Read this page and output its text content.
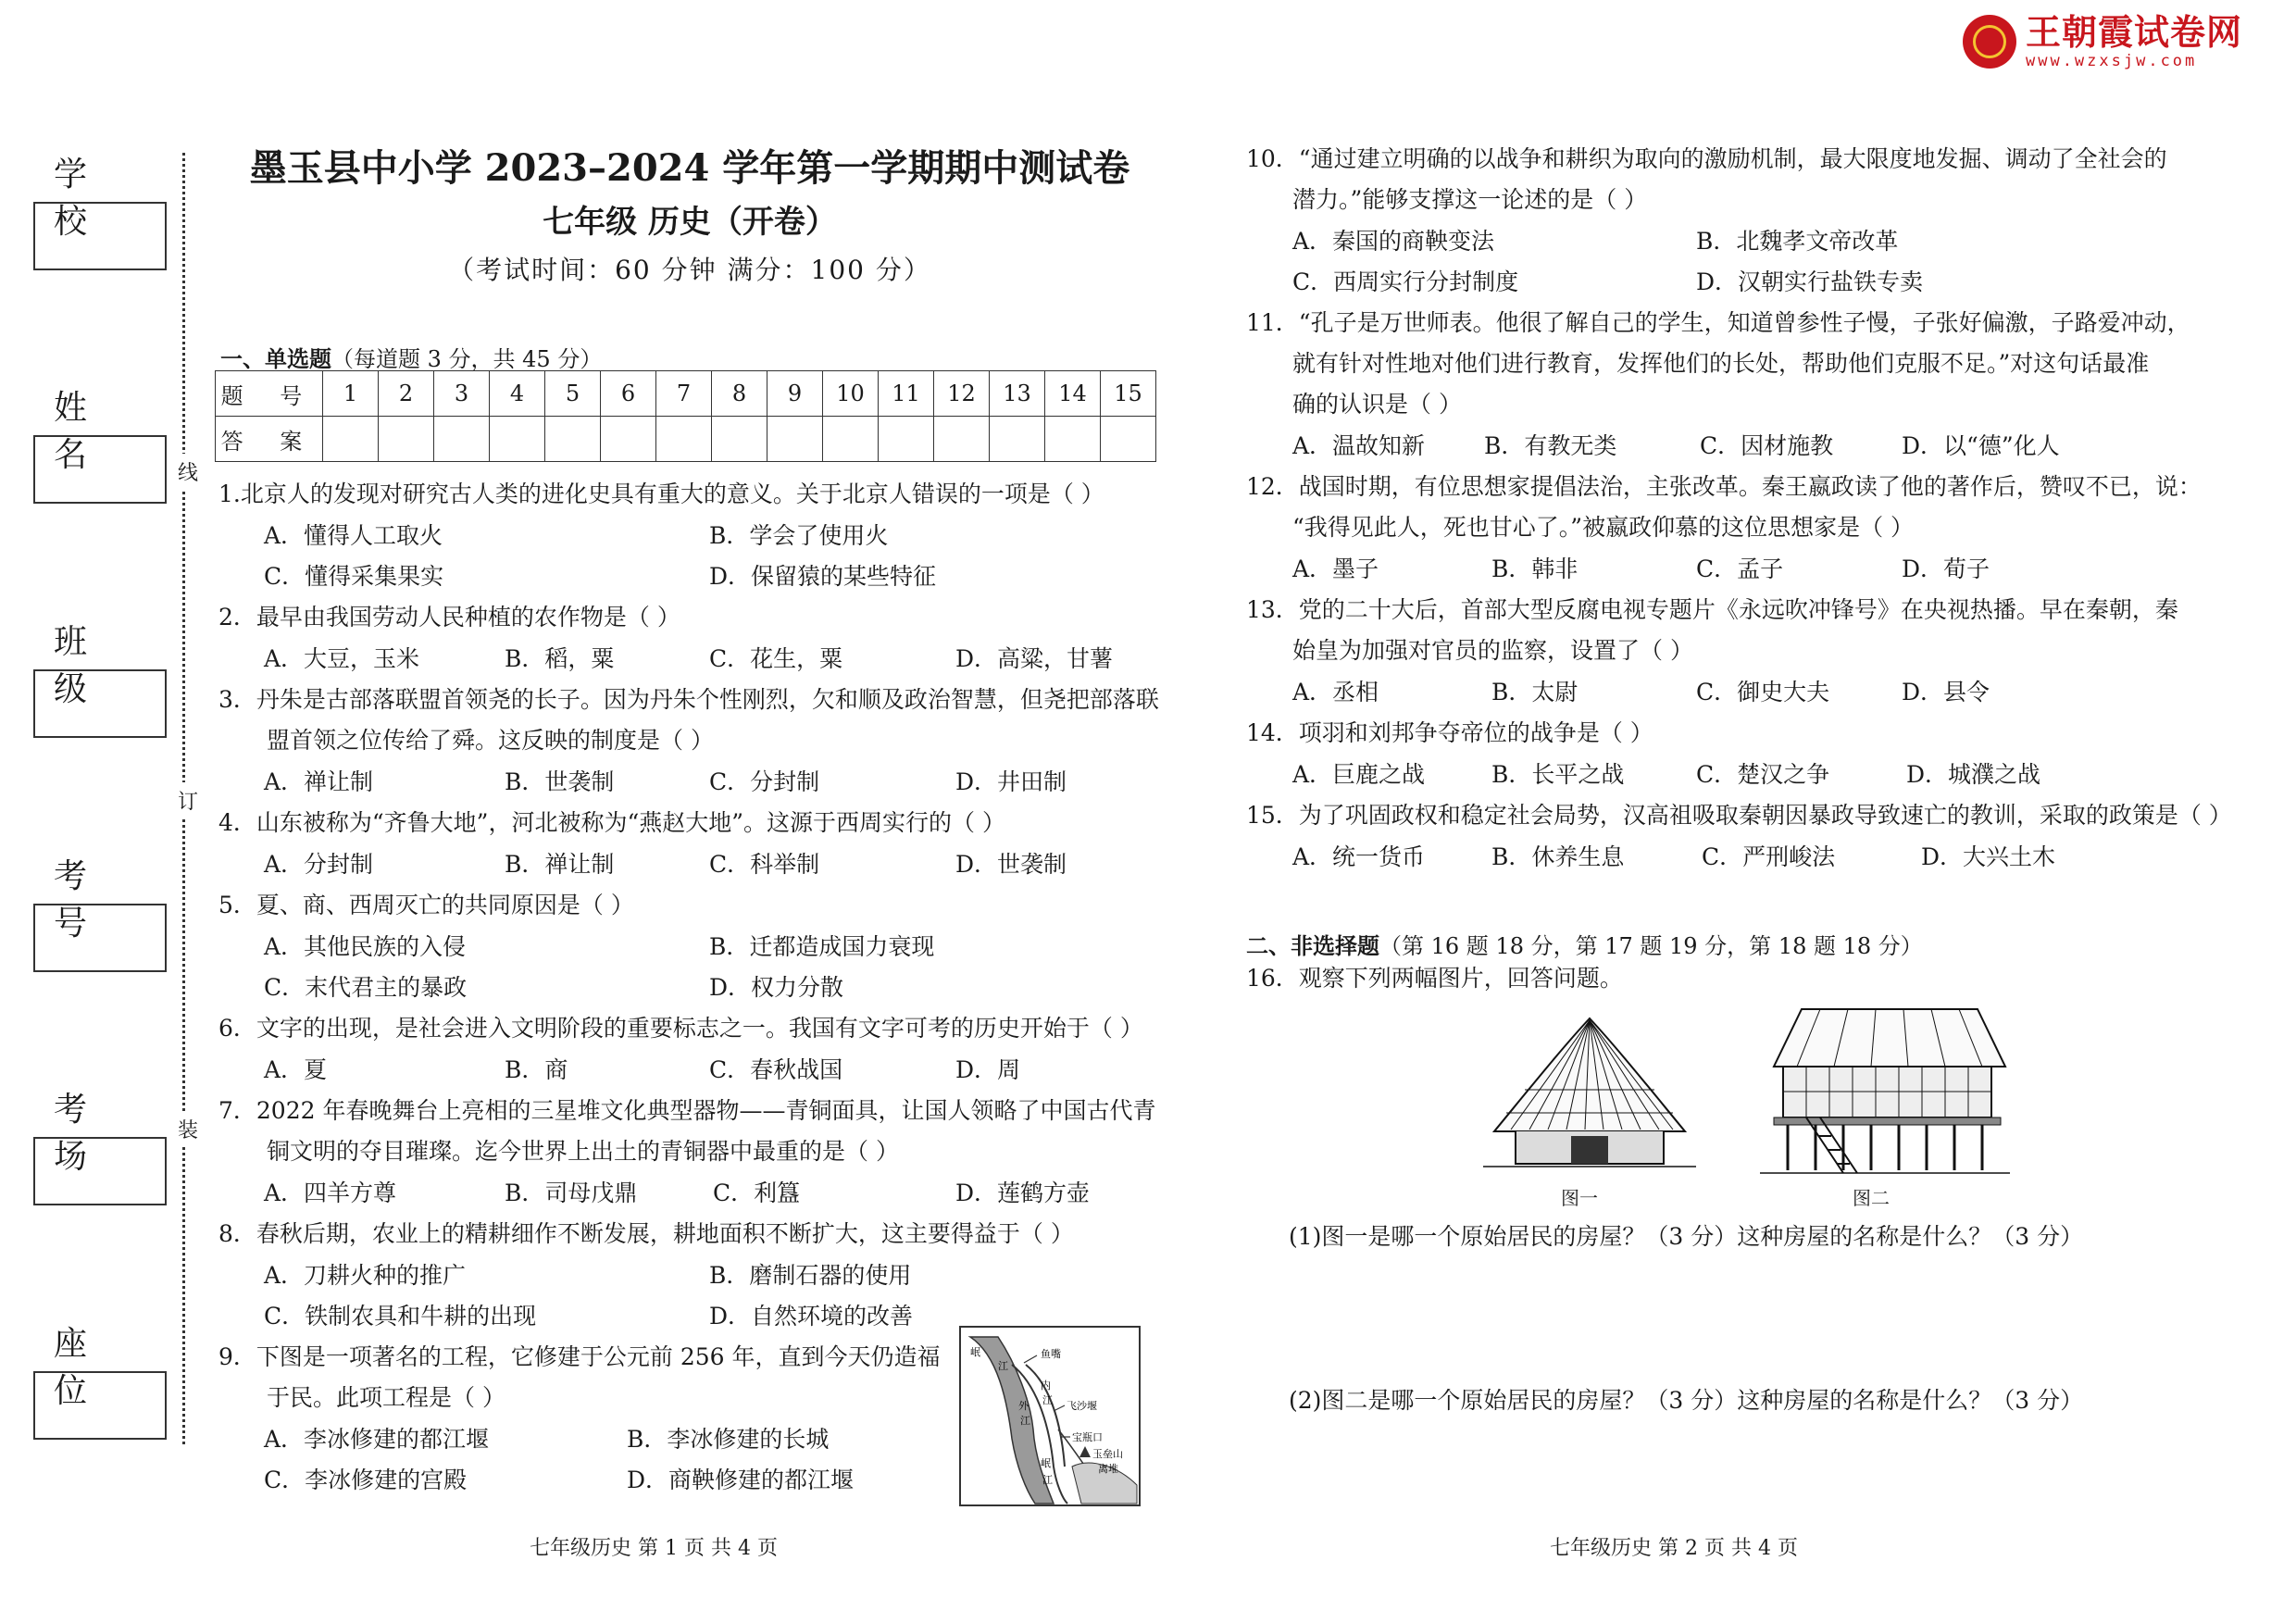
王朝霞试卷网
www.wzxsjw.com
学 校
姓 名
班 级
考 号
考 场
座 位
线
订
装
墨玉县中小学 2023–2024 学年第一学期期中测试卷
七年级 历史（开卷）
（考试时间：60 分钟 满分：100 分）
一、单选题（每道题 3 分，共 45 分）
题 号	1	2	3	4	5	6	7	8	9	10	11	12	13	14	15
答 案															
1.北京人的发现对研究古人类的进化史具有重大的意义。关于北京人错误的一项是（ ）
A．懂得人工取火	B．学会了使用火
C．懂得采集果实	D．保留猿的某些特征
2．最早由我国劳动人民种植的农作物是（ ）
A．大豆，玉米	B．稻，粟	C．花生，粟	D．高粱，甘薯
3．丹朱是古部落联盟首领尧的长子。因为丹朱个性刚烈，欠和顺及政治智慧，但尧把部落联
盟首领之位传给了舜。这反映的制度是（ ）
A．禅让制	B．世袭制	C．分封制	D．井田制
4．山东被称为“齐鲁大地”，河北被称为“燕赵大地”。这源于西周实行的（ ）
A．分封制	B．禅让制	C．科举制	D．世袭制
5．夏、商、西周灭亡的共同原因是（ ）
A．其他民族的入侵	B．迁都造成国力衰现
C．末代君主的暴政	D．权力分散
6．文字的出现，是社会进入文明阶段的重要标志之一。我国有文字可考的历史开始于（ ）
A．夏	B．商	C．春秋战国	D．周
7．2022 年春晚舞台上亮相的三星堆文化典型器物——青铜面具，让国人领略了中国古代青
铜文明的夺目璀璨。迄今世界上出土的青铜器中最重的是（ ）
A．四羊方尊	B．司母戊鼎	C．利簋	D．莲鹤方壶
8．春秋后期，农业上的精耕细作不断发展，耕地面积不断扩大，这主要得益于（ ）
A．刀耕火种的推广	B．磨制石器的使用
C．铁制农具和牛耕的出现	D．自然环境的改善
9．下图是一项著名的工程，它修建于公元前 256 年，直到今天仍造福
于民。此项工程是（ ）
A．李冰修建的都江堰	B．李冰修建的长城
C．李冰修建的宫殿	D．商鞅修建的都江堰
岷
江
鱼嘴
内
江
外
江
飞沙堰
宝瓶口
玉垒山
离堆
岷
江
七年级历史 第 1 页 共 4 页
10．“通过建立明确的以战争和耕织为取向的激励机制，最大限度地发掘、调动了全社会的
潜力。”能够支撑这一论述的是（ ）
A．秦国的商鞅变法	B．北魏孝文帝改革
C．西周实行分封制度	D．汉朝实行盐铁专卖
11．“孔子是万世师表。他很了解自己的学生，知道曾参性子慢，子张好偏激，子路爱冲动，
就有针对性地对他们进行教育，发挥他们的长处，帮助他们克服不足。”对这句话最准
确的认识是（ ）
A．温故知新	B．有教无类	C．因材施教	D．以“德”化人
12．战国时期，有位思想家提倡法治，主张改革。秦王嬴政读了他的著作后，赞叹不已，说：
“我得见此人，死也甘心了。”被嬴政仰慕的这位思想家是（ ）
A．墨子	B．韩非	C．孟子	D．荀子
13．党的二十大后，首部大型反腐电视专题片《永远吹冲锋号》在央视热播。早在秦朝，秦
始皇为加强对官员的监察，设置了（ ）
A．丞相	B．太尉	C．御史大夫	D．县令
14．项羽和刘邦争夺帝位的战争是（ ）
A．巨鹿之战	B．长平之战	C．楚汉之争	D．城濮之战
15．为了巩固政权和稳定社会局势，汉高祖吸取秦朝因暴政导致速亡的教训，采取的政策是（ ）
A．统一货币	B．休养生息	C．严刑峻法	D．大兴土木
二、非选择题（第 16 题 18 分，第 17 题 19 分，第 18 题 18 分）
16．观察下列两幅图片，回答问题。
图一	图二
(1)图一是哪一个原始居民的房屋？（3 分）这种房屋的名称是什么？（3 分）
(2)图二是哪一个原始居民的房屋？（3 分）这种房屋的名称是什么？（3 分）
七年级历史 第 2 页 共 4 页
